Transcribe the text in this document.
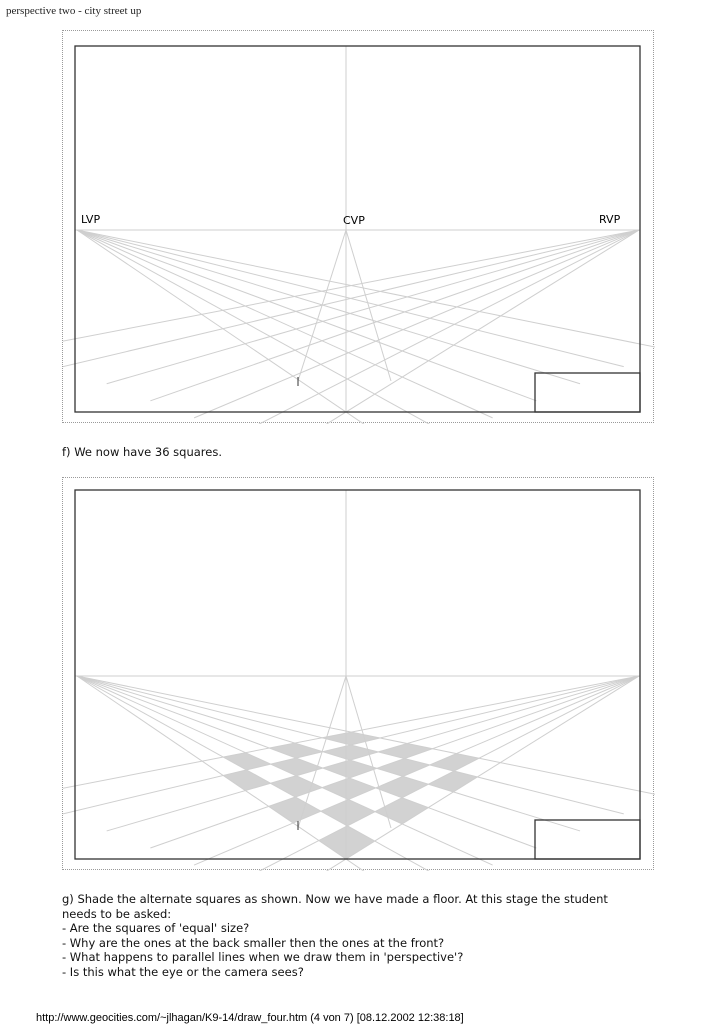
perspective two - city street up
LVP	CVP	RVP
f) We now have 36 squares.
g) Shade the alternate squares as shown. Now we have made a floor. At this stage the student
needs to be asked:
- Are the squares of 'equal' size?
- Why are the ones at the back smaller then the ones at the front?
- What happens to parallel lines when we draw them in 'perspective'?
- Is this what the eye or the camera sees?
http://www.geocities.com/~jlhagan/K9-14/draw_four.htm (4 von 7) [08.12.2002 12:38:18]
